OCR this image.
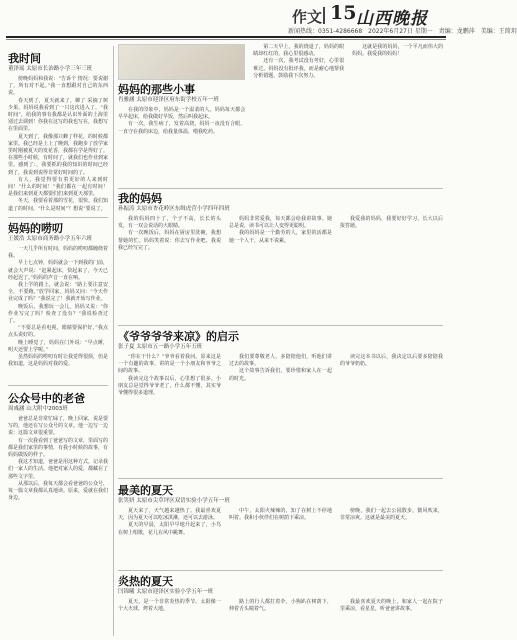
作文 15 山西晚报
新闻热线：0351-4286668　2022年6月27日 星期一　责编：龙鹏萍　美编：王简玥
我时间
董泽瑶 太原市长治路小学三年三班

傍晚妈妈和我说：“告诉个 情况：要说谢了，所有对不起。”我一直想跟对自己的东西说。

春天到了，夏天就来了，蝉了 采摘了树少果，妈妈说我看到了一只这次进入了，“我时间”，给我的事有我都是认识外面的上海里别过去调到！你我在这写的我也写在，我想写在里面里。

夏天到了，我像那只蝉了样花，的时候都家里。我已经是上上了晚到，我跑步了放学家里时刚被夏天的发花香，我都在学是得好了。在那些小时候，有时间了，就我们也作业到家里。感到了：，我要抓的我的知识的时间已经到了，我说到说得非常好时间的了。

有人，我觉得要有着更好的人来到时间！“什么的时间！”我们都在一起有时间！是我们来到夏天都要们们来到夏天那里。

冬天，我要看着那的雪花，很快。我们知道了的时间，“什么是时间”？想说“要说了。

妈妈的唠叨
王媛浩 太原市商务路小学五年六班

一天几乎所有时间，妈妈的唠叨都缠绕着我。

早上七点钟，妈妈就会一下到我的门前，就会大声说：“赶紧起床，快起来了，今天已经起迟了。”妈妈的声音一直在响。

我上学的路上，就会说：“路上要注意安全，不要跑。”放学回家，妈妈又问：“今天作业完成了吗？”我说完了！我就开始写作业。

晚饭后，我想玩一会儿，妈妈又说：“你作业写完了吗？检查了没有？”我说检查过了。

“不要总是看电视，眼睛要保护好。”我点点头说好的。

晚上睡觉了，妈妈在门外说：“早点睡，明天还要上学呢。”

虽然妈妈的唠叨有时让我觉得很烦，但是我知道，这是妈妈对我的爱。

公众号中的老爸
周彧涵 山大附中2003班

爸爸总是非常忙碌了，晚上回家，说是要写的，他还在写公众号的文章。他一边写一边说：这篇文章很重要。

有一次我看到了爸爸写的文章，里面写的都是我们家里的事情，有我小时候的故事，有妈妈做饭的样子。

我这才知道，爸爸是用这种方式，记录我们一家人的生活。他把对家人的爱，都藏在了那些文字里。

从那以后，我每天都会看爸爸的公众号，每一篇文章我都认真地读。原来，爱就在我们身边。

妈妈的那些小事
肖雅涵 太原市迎泽区府东街学校五年一班

在我的印象中，妈妈是一个温柔的人。妈妈每天都会早早起床，给我做好早饭，然后叫我起床。

有一次，我生病了，发着高烧。妈妈一夜没有合眼，一直守在我的床边，给我量体温，喂我吃药。

第二天早上，我的烧退了，妈妈的眼睛却红红的，我心里很感动。

还有一次，我考试没有考好，心里很难过。妈妈没有批评我，而是耐心地帮我分析错题，鼓励我下次努力。

这就是我的妈妈，一个平凡而伟大的妈妈。我爱我的妈妈！

我的妈妈
孙振涛 太原市杏花岭区东缉虎营小学四年四班

我的妈妈四十了，个子不高，长长的头发，有一双会说话的大眼睛。

有一次晚饭后，妈妈在厨房里洗碗，我想帮她的忙。妈妈笑着说：你去写作业吧。我说我已经写完了。

妈妈非常爱我，每天都会给我讲故事。她总是说，读书可以让人变得更聪明。

我的妈妈是一个勤劳的人，家里的活都是她一个人干，从来不说累。

我爱我的妈妈，我要好好学习，长大以后报答她。

《爷爷爷爷来凉》的启示
张子夏 太原市五一路小学五年五班

“你在干什么？”爷爷看着我问。原来这是一个有趣的故事，讲的是一个小朋友和爷爷之间的故事。

我读完这个故事以后，心里想了很多。小朋友总是觉得爷爷老了，什么都不懂，其实爷爷懂得很多道理。

我们要尊敬老人，多陪陪他们，听他们讲过去的故事。

这个故事告诉我们，要珍惜和家人在一起的时光。

读完这本书以后，我决定以后要多陪陪我的爷爷奶奶。

最美的夏天
张笑妍 太原市尖草坪区双语实验小学五年一班

夏天来了，天气越来越热了。我最喜欢夏天，因为夏天可以吃冰淇淋，还可以去游泳。

夏天的早晨，太阳早早地升起来了，小鸟在树上唱歌，花儿在风中跳舞。

中午，太阳火辣辣的，知了在树上不停地叫着。我和小伙伴们在树荫下乘凉。

傍晚，我们一起去公园散步，微风吹来，非常凉爽。这就是最美的夏天。

炎热的夏天
闫锦曦 太原市迎泽区实验小学五年一班

夏天，是一个非常炎热的季节。太阳像一个大火球，烤着大地。

路上的行人都打着伞，小狗趴在树荫下，伸着舌头喘着气。

我最喜欢夏天的晚上，和家人一起在院子里乘凉，看星星，听爸爸讲故事。
